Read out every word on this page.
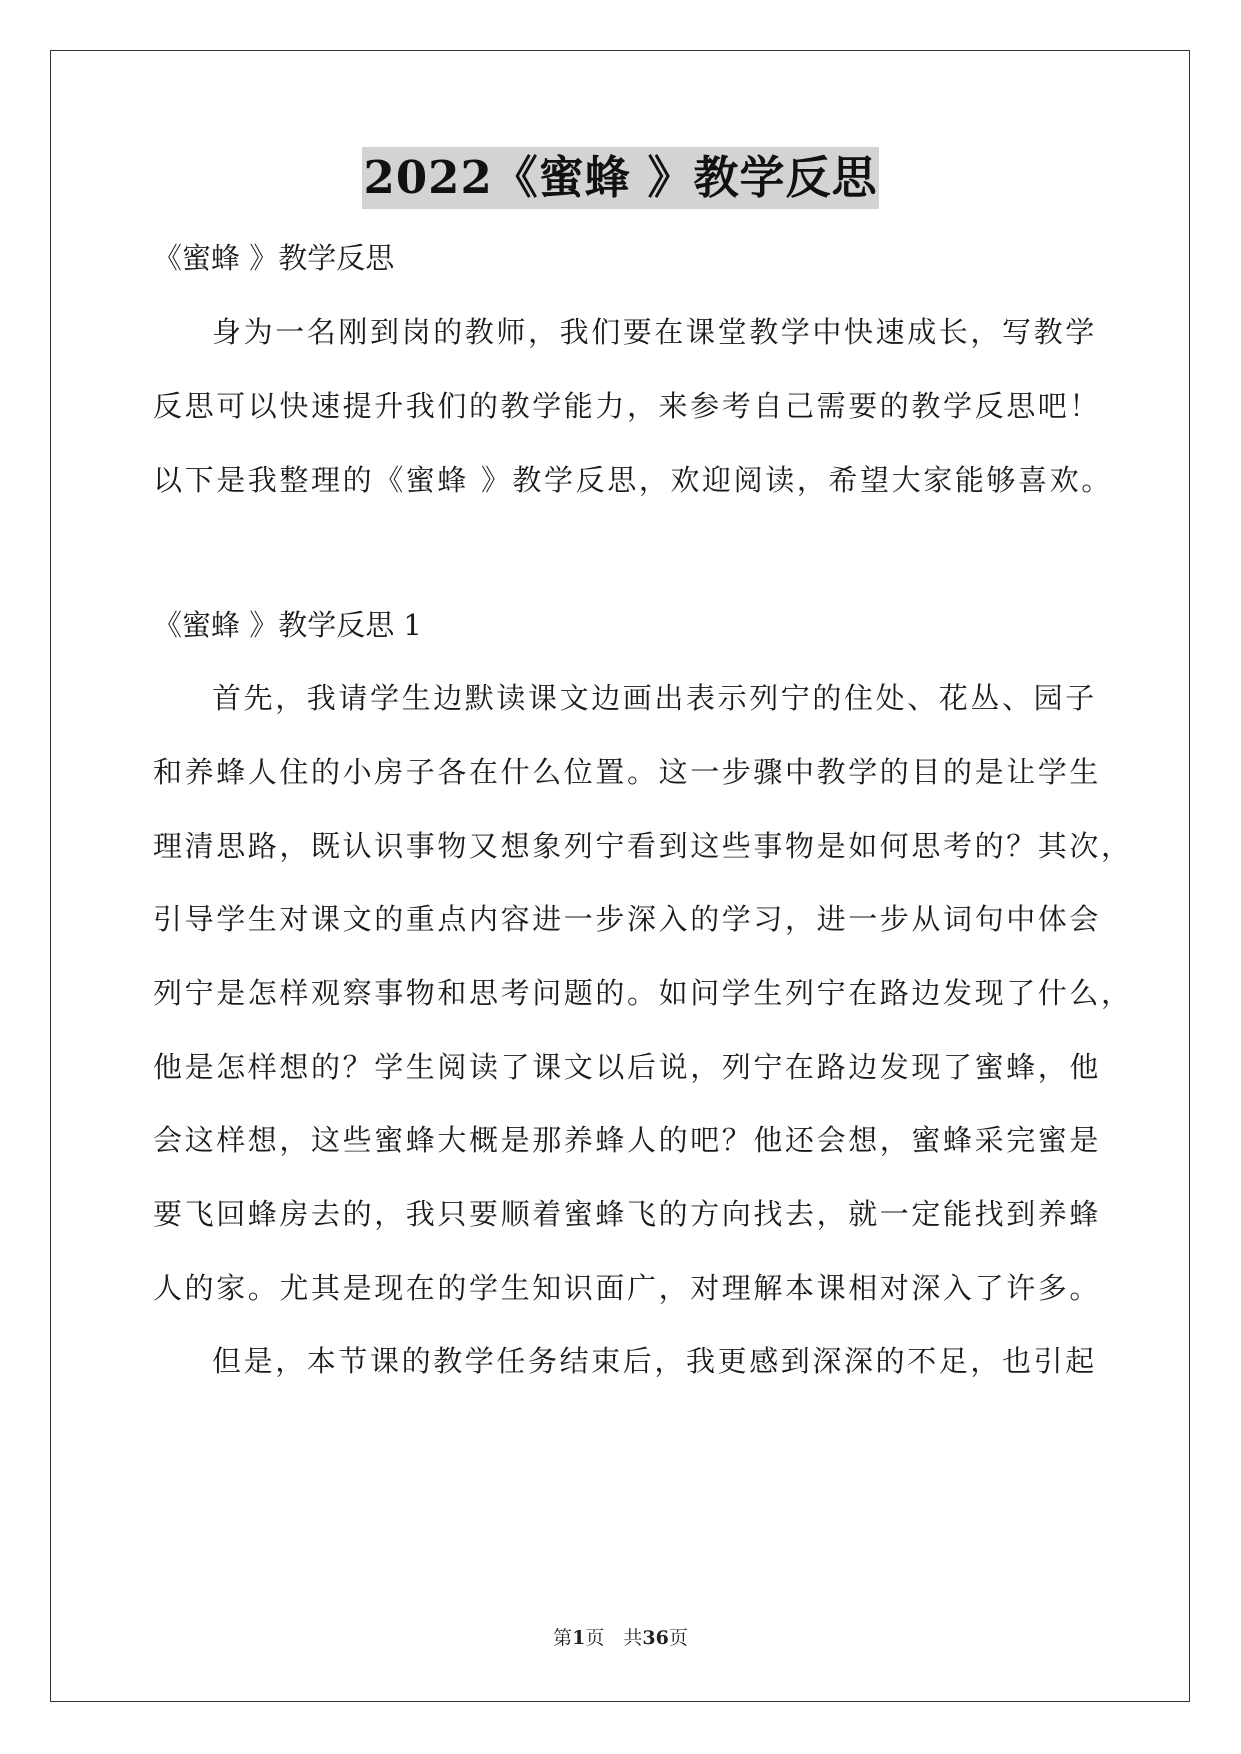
2022《蜜蜂 》教学反思
《蜜蜂 》教学反思
身为一名刚到岗的教师，我们要在课堂教学中快速成长，写教学
反思可以快速提升我们的教学能力，来参考自己需要的教学反思吧！
以下是我整理的《蜜蜂 》教学反思，欢迎阅读，希望大家能够喜欢。
《蜜蜂 》教学反思 1
首先，我请学生边默读课文边画出表示列宁的住处、花丛、园子
和养蜂人住的小房子各在什么位置。这一步骤中教学的目的是让学生
理清思路，既认识事物又想象列宁看到这些事物是如何思考的？其次，
引导学生对课文的重点内容进一步深入的学习，进一步从词句中体会
列宁是怎样观察事物和思考问题的。如问学生列宁在路边发现了什么，
他是怎样想的？学生阅读了课文以后说，列宁在路边发现了蜜蜂，他
会这样想，这些蜜蜂大概是那养蜂人的吧？他还会想，蜜蜂采完蜜是
要飞回蜂房去的，我只要顺着蜜蜂飞的方向找去，就一定能找到养蜂
人的家。尤其是现在的学生知识面广，对理解本课相对深入了许多。
但是，本节课的教学任务结束后，我更感到深深的不足，也引起
第1页　共36页
